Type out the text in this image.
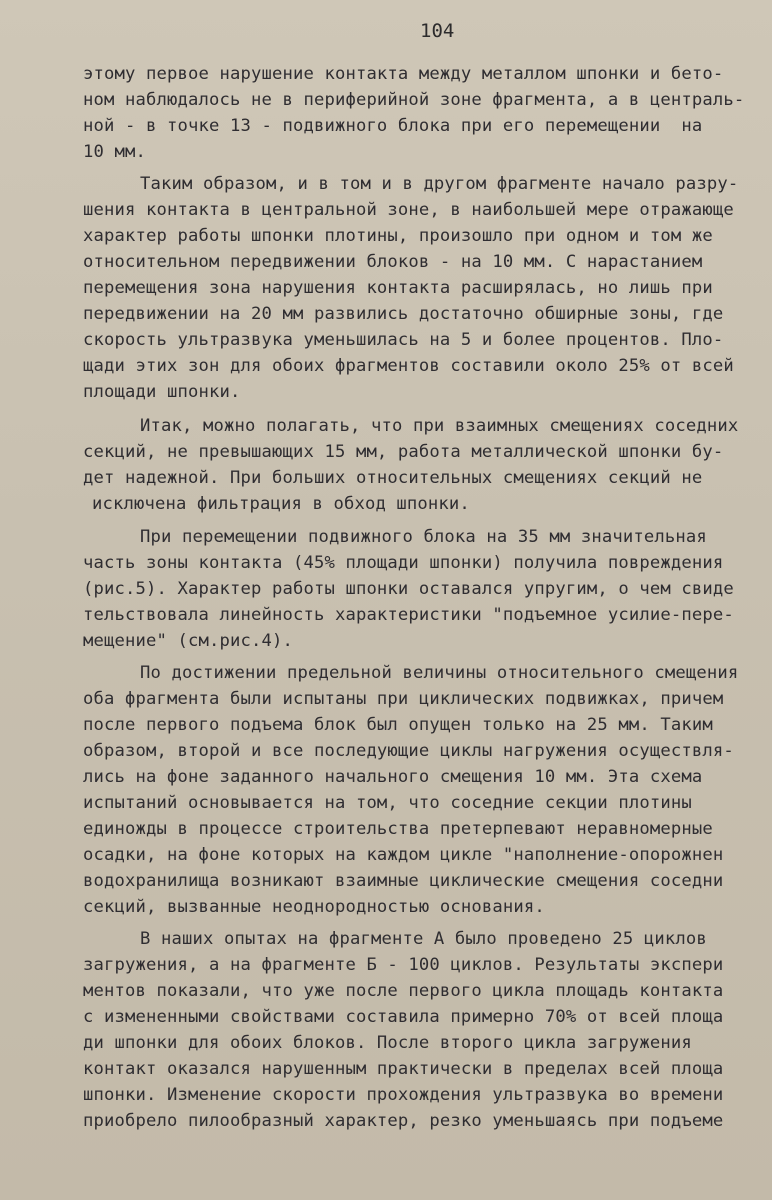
104
этому первое нарушение контакта между металлом шпонки и бето-
ном наблюдалось не в периферийной зоне фрагмента, а в централь-
ной - в точке 13 - подвижного блока при его перемещении  на
10 мм.
Таким образом, и в том и в другом фрагменте начало разру-
шения контакта в центральной зоне, в наибольшей мере отражающе
характер работы шпонки плотины, произошло при одном и том же
относительном передвижении блоков - на 10 мм. С нарастанием
перемещения зона нарушения контакта расширялась, но лишь при
передвижении на 20 мм развились достаточно обширные зоны, где
скорость ультразвука уменьшилась на 5 и более процентов. Пло-
щади этих зон для обоих фрагментов составили около 25% от всей
площади шпонки.
Итак, можно полагать, что при взаимных смещениях соседних
секций, не превышающих 15 мм, работа металлической шпонки бу-
дет надежной. При больших относительных смещениях секций не
исключена фильтрация в обход шпонки.
При перемещении подвижного блока на 35 мм значительная
часть зоны контакта (45% площади шпонки) получила повреждения
(рис.5). Характер работы шпонки оставался упругим, о чем свиде
тельствовала линейность характеристики "подъемное усилие-пере-
мещение" (см.рис.4).
По достижении предельной величины относительного смещения
оба фрагмента были испытаны при циклических подвижках, причем
после первого подъема блок был опущен только на 25 мм. Таким
образом, второй и все последующие циклы нагружения осуществля-
лись на фоне заданного начального смещения 10 мм. Эта схема
испытаний основывается на том, что соседние секции плотины
единожды в процессе строительства претерпевают неравномерные
осадки, на фоне которых на каждом цикле "наполнение-опорожнен
водохранилища возникают взаимные циклические смещения соседни
секций, вызванные неоднородностью основания.
В наших опытах на фрагменте А было проведено 25 циклов
загружения, а на фрагменте Б - 100 циклов. Результаты экспери
ментов показали, что уже после первого цикла площадь контакта
с измененными свойствами составила примерно 70% от всей площа
ди шпонки для обоих блоков. После второго цикла загружения
контакт оказался нарушенным практически в пределах всей площа
шпонки. Изменение скорости прохождения ультразвука во времени
приобрело пилообразный характер, резко уменьшаясь при подъеме
